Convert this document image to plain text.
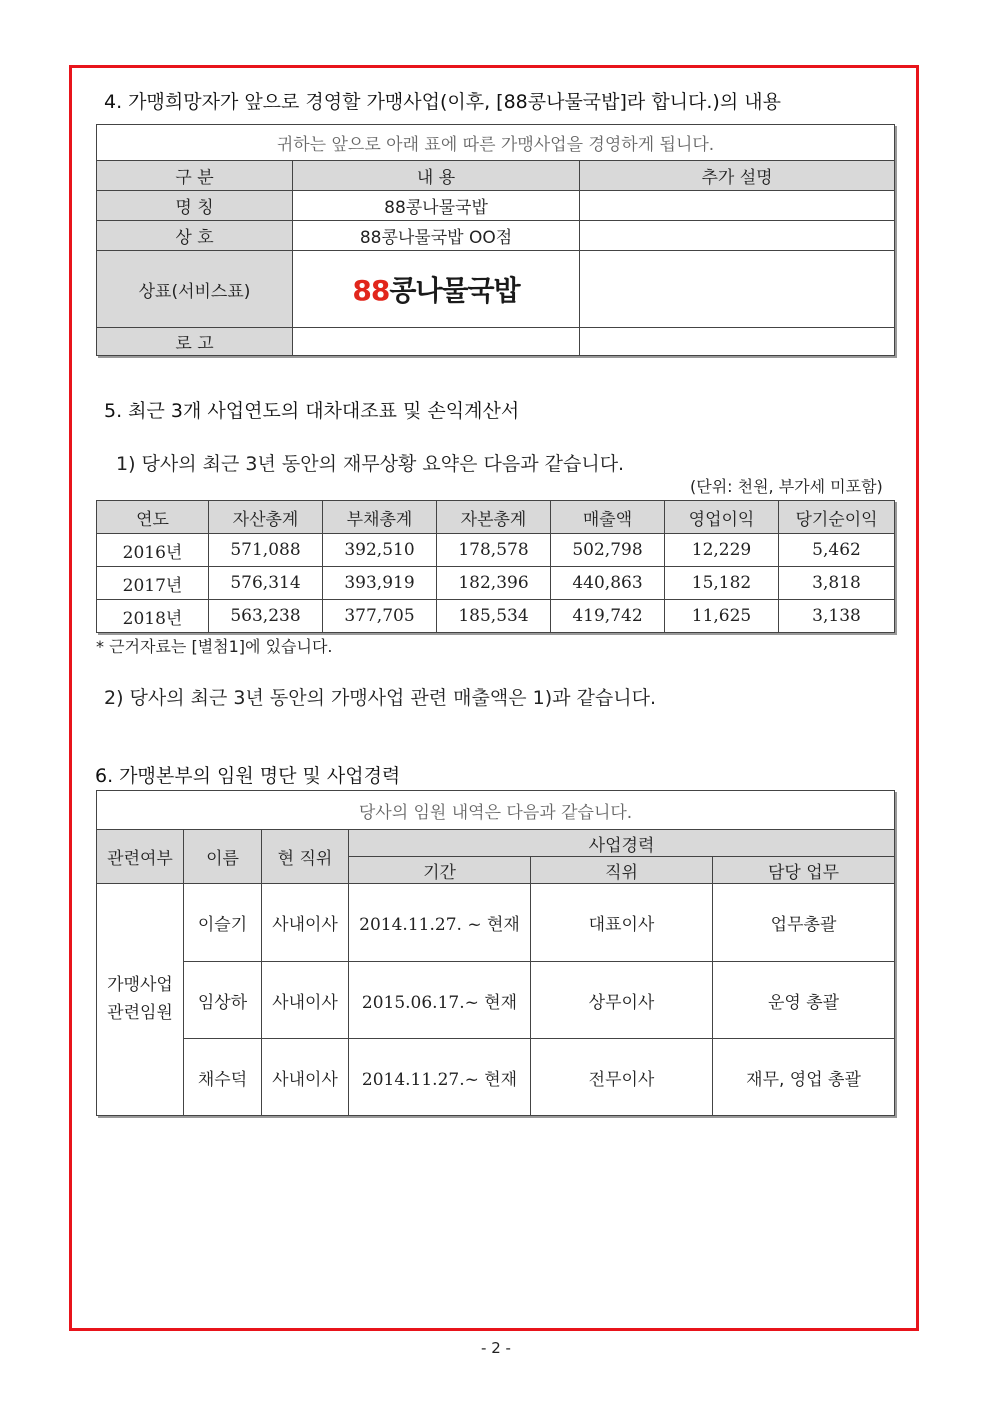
4. 가맹희망자가 앞으로 경영할 가맹사업(이후, [88콩나물국밥]라 합니다.)의 내용
귀하는 앞으로 아래 표에 따른 가맹사업을 경영하게 됩니다.		
구 분	내 용	추가 설명
명 칭	88콩나물국밥	
상 호	88콩나물국밥 OO점	
상표(서비스표)	88콩나물국밥	
로 고		
5. 최근 3개 사업연도의 대차대조표 및 손익계산서
1) 당사의 최근 3년 동안의 재무상황 요약은 다음과 같습니다.
(단위: 천원, 부가세 미포함)
연도	자산총계	부채총계	자본총계	매출액	영업이익	당기순이익
2016년	571,088	392,510	178,578	502,798	12,229	5,462
2017년	576,314	393,919	182,396	440,863	15,182	3,818
2018년	563,238	377,705	185,534	419,742	11,625	3,138
* 근거자료는 [별첨1]에 있습니다.
2) 당사의 최근 3년 동안의 가맹사업 관련 매출액은 1)과 같습니다.
6. 가맹본부의 임원 명단 및 사업경력
당사의 임원 내역은 다음과 같습니다.					
관련여부	이름	현 직위	사업경력		
			기간	직위	담당 업무
가맹사업
관련임원	이슬기	사내이사	2014.11.27. ~ 현재	대표이사	업무총괄
	임상하	사내이사	2015.06.17.~ 현재	상무이사	운영 총괄
	채수덕	사내이사	2014.11.27.~ 현재	전무이사	재무, 영업 총괄
- 2 -
